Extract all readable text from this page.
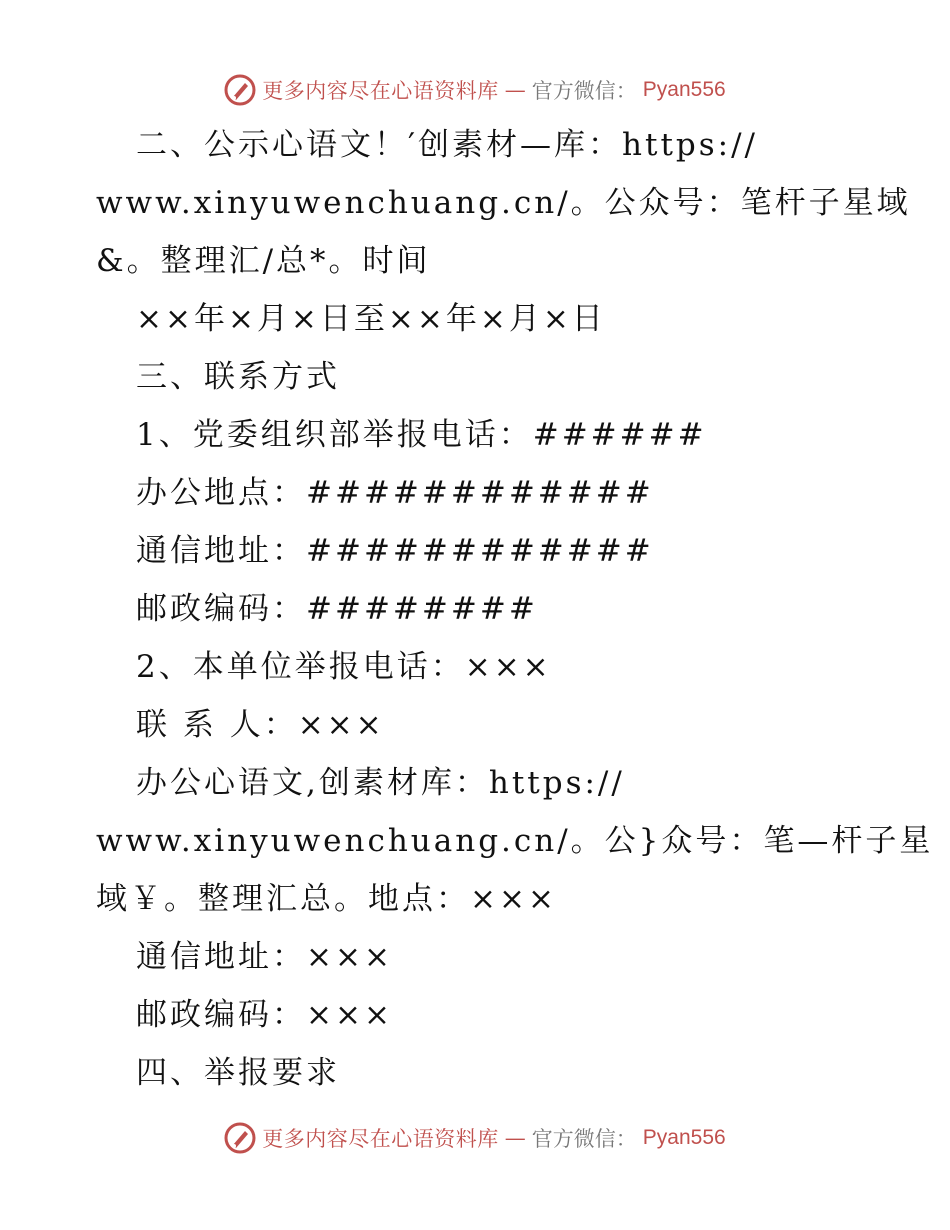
更多内容尽在心语资料库 — 官方微信： Pyan556
二、公示心语文！′创素材—库：https://
www.xinyuwenchuang.cn/。公众号：笔杆子星域
&。整理汇/总*。时间
××年×月×日至××年×月×日
三、联系方式
1、党委组织部举报电话：######
办公地点：############
通信地址：############
邮政编码：########
2、本单位举报电话：×××
联 系 人：×××
办公心语文,创素材库：https://
www.xinyuwenchuang.cn/。公}众号：笔—杆子星
域￥。整理汇总。地点：×××
通信地址：×××
邮政编码：×××
四、举报要求
更多内容尽在心语资料库 — 官方微信： Pyan556
